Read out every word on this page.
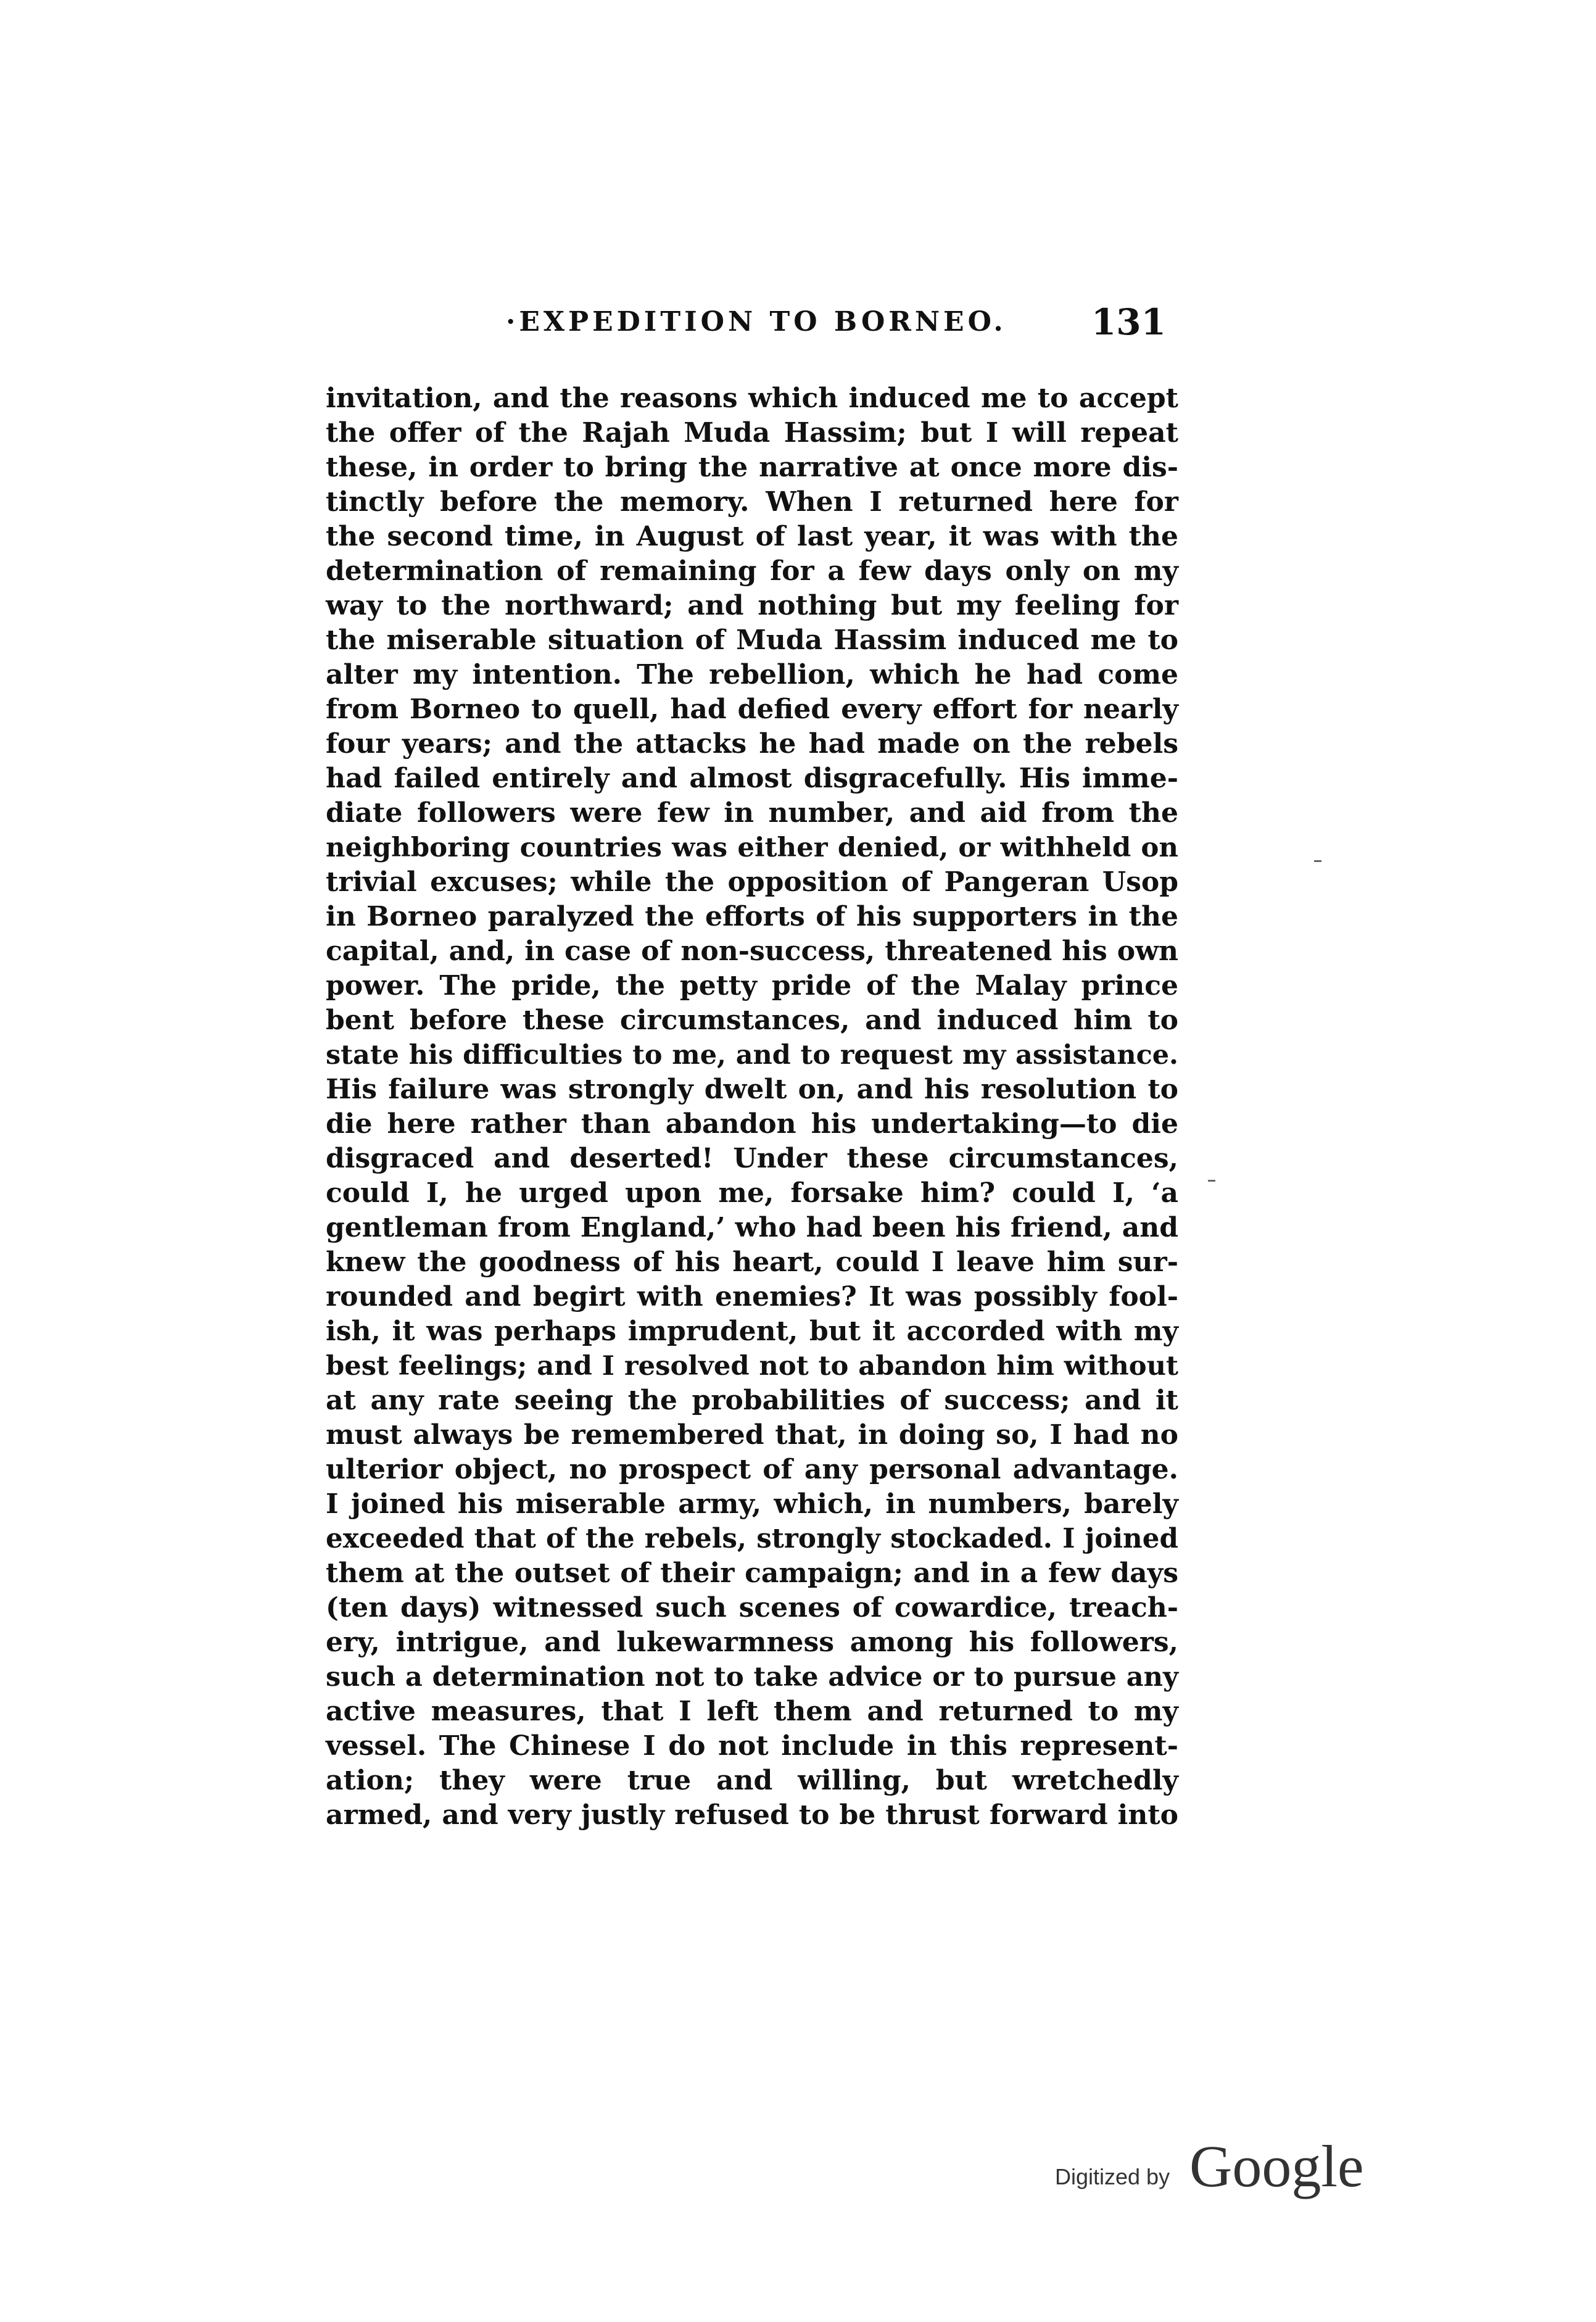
·EXPEDITION TO BORNEO. 131
invitation, and the reasons which induced me to accept
the offer of the Rajah Muda Hassim; but I will repeat
these, in order to bring the narrative at once more dis-
tinctly before the memory. When I returned here for
the second time, in August of last year, it was with the
determination of remaining for a few days only on my
way to the northward; and nothing but my feeling for
the miserable situation of Muda Hassim induced me to
alter my intention. The rebellion, which he had come
from Borneo to quell, had defied every effort for nearly
four years; and the attacks he had made on the rebels
had failed entirely and almost disgracefully. His imme-
diate followers were few in number, and aid from the
neighboring countries was either denied, or withheld on
trivial excuses; while the opposition of Pangeran Usop
in Borneo paralyzed the efforts of his supporters in the
capital, and, in case of non-success, threatened his own
power. The pride, the petty pride of the Malay prince
bent before these circumstances, and induced him to
state his difficulties to me, and to request my assistance.
His failure was strongly dwelt on, and his resolution to
die here rather than abandon his undertaking—to die
disgraced and deserted! Under these circumstances,
could I, he urged upon me, forsake him? could I, ‘a
gentleman from England,’ who had been his friend, and
knew the goodness of his heart, could I leave him sur-
rounded and begirt with enemies? It was possibly fool-
ish, it was perhaps imprudent, but it accorded with my
best feelings; and I resolved not to abandon him without
at any rate seeing the probabilities of success; and it
must always be remembered that, in doing so, I had no
ulterior object, no prospect of any personal advantage.
I joined his miserable army, which, in numbers, barely
exceeded that of the rebels, strongly stockaded. I joined
them at the outset of their campaign; and in a few days
(ten days) witnessed such scenes of cowardice, treach-
ery, intrigue, and lukewarmness among his followers,
such a determination not to take advice or to pursue any
active measures, that I left them and returned to my
vessel. The Chinese I do not include in this represent-
ation; they were true and willing, but wretchedly
armed, and very justly refused to be thrust forward into
Digitized by Google
